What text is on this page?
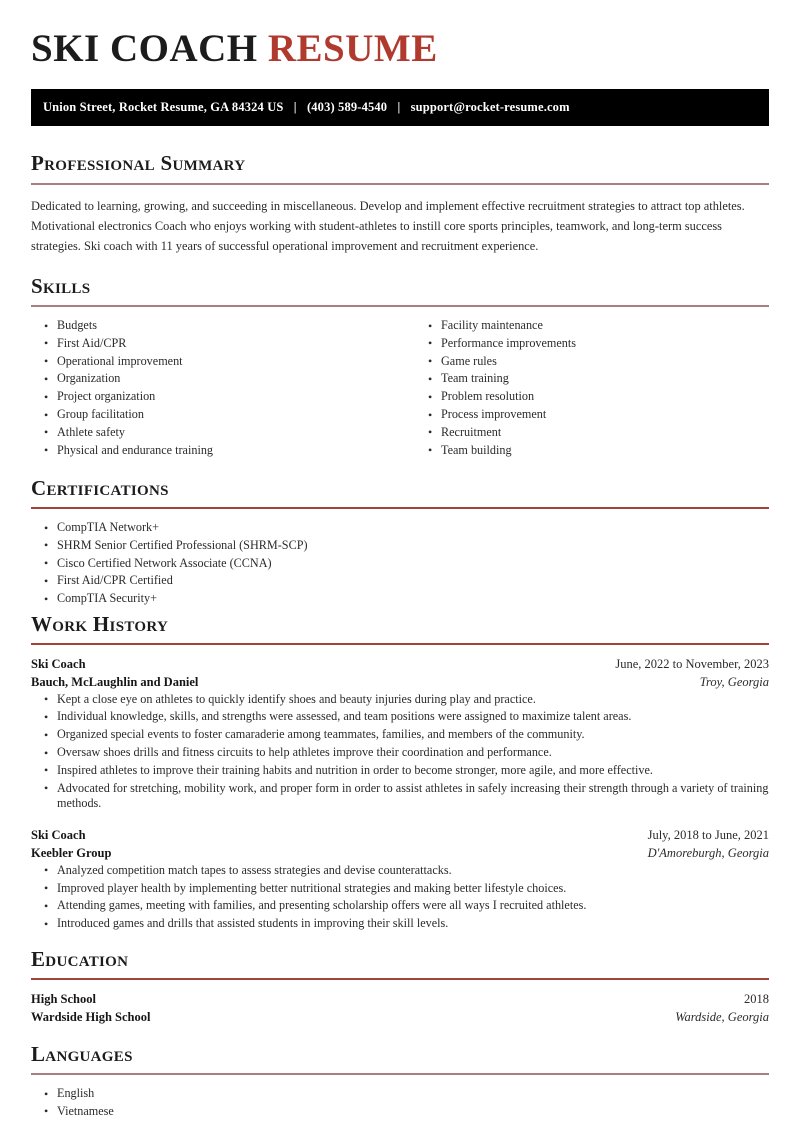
SKI COACH RESUME
Union Street, Rocket Resume, GA 84324 US | (403) 589-4540 | support@rocket-resume.com
Professional Summary

Dedicated to learning, growing, and succeeding in miscellaneous. Develop and implement effective recruitment strategies to attract top athletes. Motivational electronics Coach who enjoys working with student-athletes to instill core sports principles, teamwork, and long-term success strategies. Ski coach with 11 years of successful operational improvement and recruitment experience.

Skills
• Budgets
• First Aid/CPR
• Operational improvement
• Organization
• Project organization
• Group facilitation
• Athlete safety
• Physical and endurance training
• Facility maintenance
• Performance improvements
• Game rules
• Team training
• Problem resolution
• Process improvement
• Recruitment
• Team building
Certifications
• CompTIA Network+
• SHRM Senior Certified Professional (SHRM-SCP)
• Cisco Certified Network Associate (CCNA)
• First Aid/CPR Certified
• CompTIA Security+
Work History
Ski Coach	June, 2022 to November, 2023
Bauch, McLaughlin and Daniel	Troy, Georgia
• Kept a close eye on athletes to quickly identify shoes and beauty injuries during play and practice.
• Individual knowledge, skills, and strengths were assessed, and team positions were assigned to maximize talent areas.
• Organized special events to foster camaraderie among teammates, families, and members of the community.
• Oversaw shoes drills and fitness circuits to help athletes improve their coordination and performance.
• Inspired athletes to improve their training habits and nutrition in order to become stronger, more agile, and more effective.
• Advocated for stretching, mobility work, and proper form in order to assist athletes in safely increasing their strength through a variety of training methods.
Ski Coach	July, 2018 to June, 2021
Keebler Group	D'Amoreburgh, Georgia
• Analyzed competition match tapes to assess strategies and devise counterattacks.
• Improved player health by implementing better nutritional strategies and making better lifestyle choices.
• Attending games, meeting with families, and presenting scholarship offers were all ways I recruited athletes.
• Introduced games and drills that assisted students in improving their skill levels.
Education
High School	2018
Wardside High School	Wardside, Georgia
Languages
• English
• Vietnamese
